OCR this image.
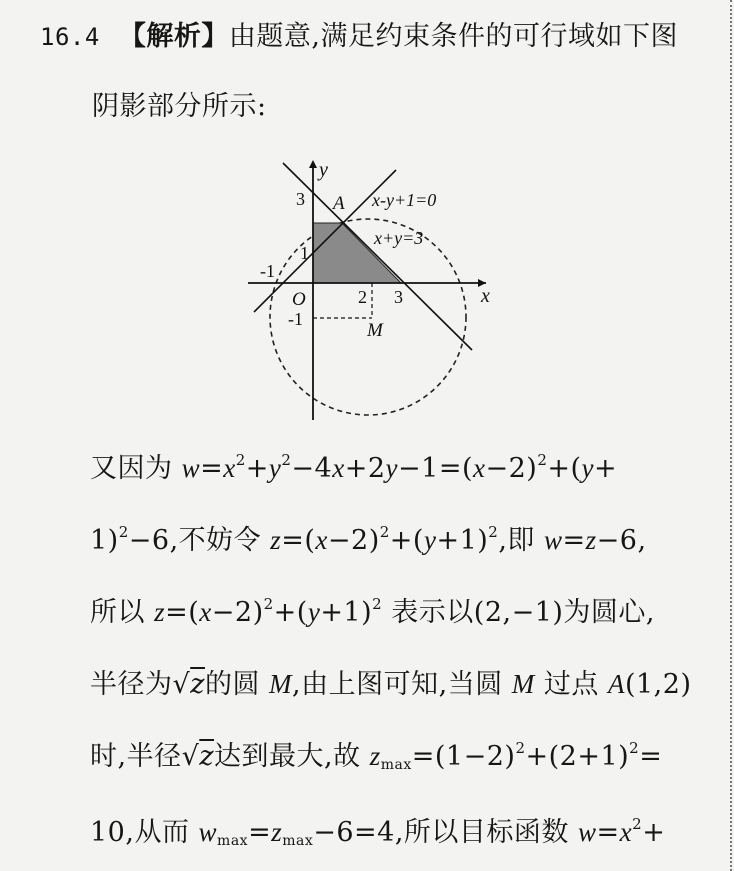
16.4 【解析】由题意,满足约束条件的可行域如下图
阴影部分所示:
y
x
O
A
M
x-y+1=0
x+y=3
3
1
-1
2 3
-1
又因为 $w=x^2+y^2-4x+2y-1=(x-2)^2+(y+$
1)$^2$−6,不妨令 $z=(x-2)^2+(y+1)^2$,即 w=z−6,
所以 $z=(x-2)^2+(y+1)^2$ 表示以(2,−1)为圆心,
半径为√z的圆 M,由上图可知,当圆 M 过点 A(1,2)
时,半径√z达到最大,故 $z_{max}=(1-2)^2+(2+1)^2=$
10,从而 $w_{max}=z_{max}-6=4$,所以目标函数 $w=x^2+$
